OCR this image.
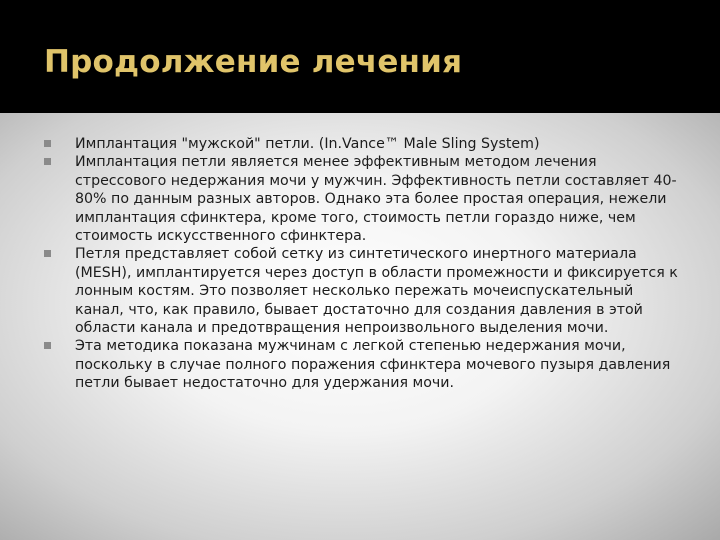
Продолжение лечения
Имплантация "мужской" петли. (In.Vance™ Male Sling System)
Имплантация петли является менее эффективным методом лечения стрессового недержания мочи у мужчин. Эффективность петли составляет 40-80% по данным разных авторов. Однако эта более простая операция, нежели имплантация сфинктера, кроме того, стоимость петли гораздо ниже, чем стоимость искусственного сфинктера.
Петля представляет собой сетку из синтетического инертного материала (MESH), имплантируется через доступ в области промежности и фиксируется к лонным костям. Это позволяет несколько пережать мочеиспускательный канал, что, как правило, бывает достаточно для создания давления в этой области канала и предотвращения непроизвольного выделения мочи.
Эта методика показана мужчинам с легкой степенью недержания мочи, поскольку в случае полного поражения сфинктера мочевого пузыря давления петли бывает недостаточно для удержания мочи.
